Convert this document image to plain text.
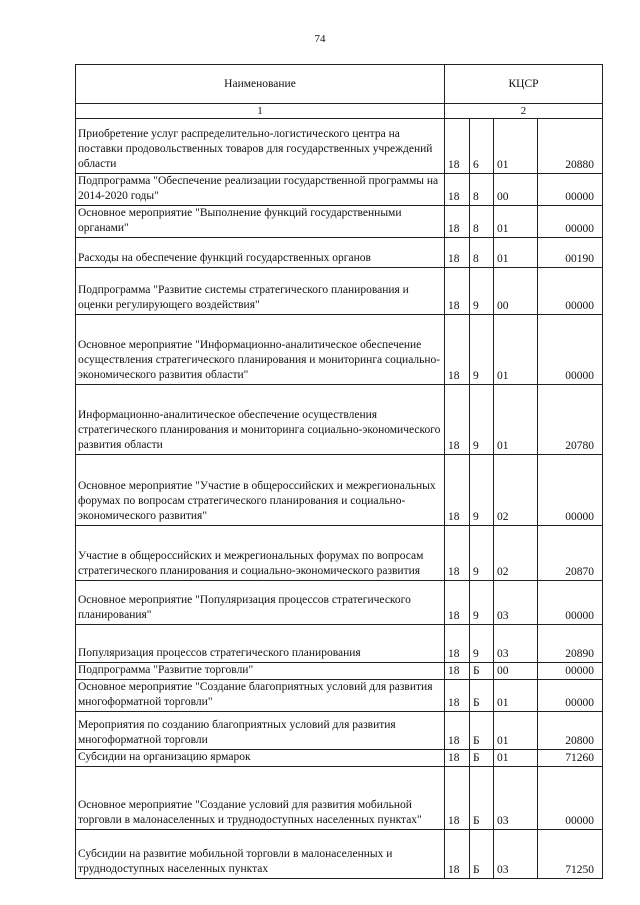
74
Наименование	КЦСР			
1	2			
Приобретение услуг распределительно-логистического центра на поставки продовольственных товаров для государственных учреждений области	18	6	01	20880
Подпрограмма "Обеспечение реализации государственной программы на 2014-2020 годы"	18	8	00	00000
Основное мероприятие "Выполнение функций государственными органами"	18	8	01	00000
Расходы на обеспечение функций государственных органов	18	8	01	00190
Подпрограмма "Развитие системы стратегического планирования и оценки регулирующего воздействия"	18	9	00	00000
Основное мероприятие "Информационно-аналитическое обеспечение осуществления стратегического планирования и мониторинга социально-экономического развития области"	18	9	01	00000
Информационно-аналитическое обеспечение осуществления стратегического планирования и мониторинга социально-экономического развития области	18	9	01	20780
Основное мероприятие "Участие в общероссийских и межрегиональных форумах по вопросам стратегического планирования и социально-экономического развития"	18	9	02	00000
Участие в общероссийских и межрегиональных форумах по вопросам стратегического планирования и социально-экономического развития	18	9	02	20870
Основное мероприятие "Популяризация процессов стратегического планирования"	18	9	03	00000
Популяризация процессов стратегического планирования	18	9	03	20890
Подпрограмма "Развитие торговли"	18	Б	00	00000
Основное мероприятие "Создание благоприятных условий для развития многоформатной торговли"	18	Б	01	00000
Мероприятия по созданию благоприятных условий для развития многоформатной торговли	18	Б	01	20800
Субсидии на организацию ярмарок	18	Б	01	71260
Основное мероприятие "Создание условий для развития мобильной торговли в малонаселенных и труднодоступных населенных пунктах"	18	Б	03	00000
Субсидии на развитие мобильной торговли в малонаселенных и труднодоступных населенных пунктах	18	Б	03	71250
